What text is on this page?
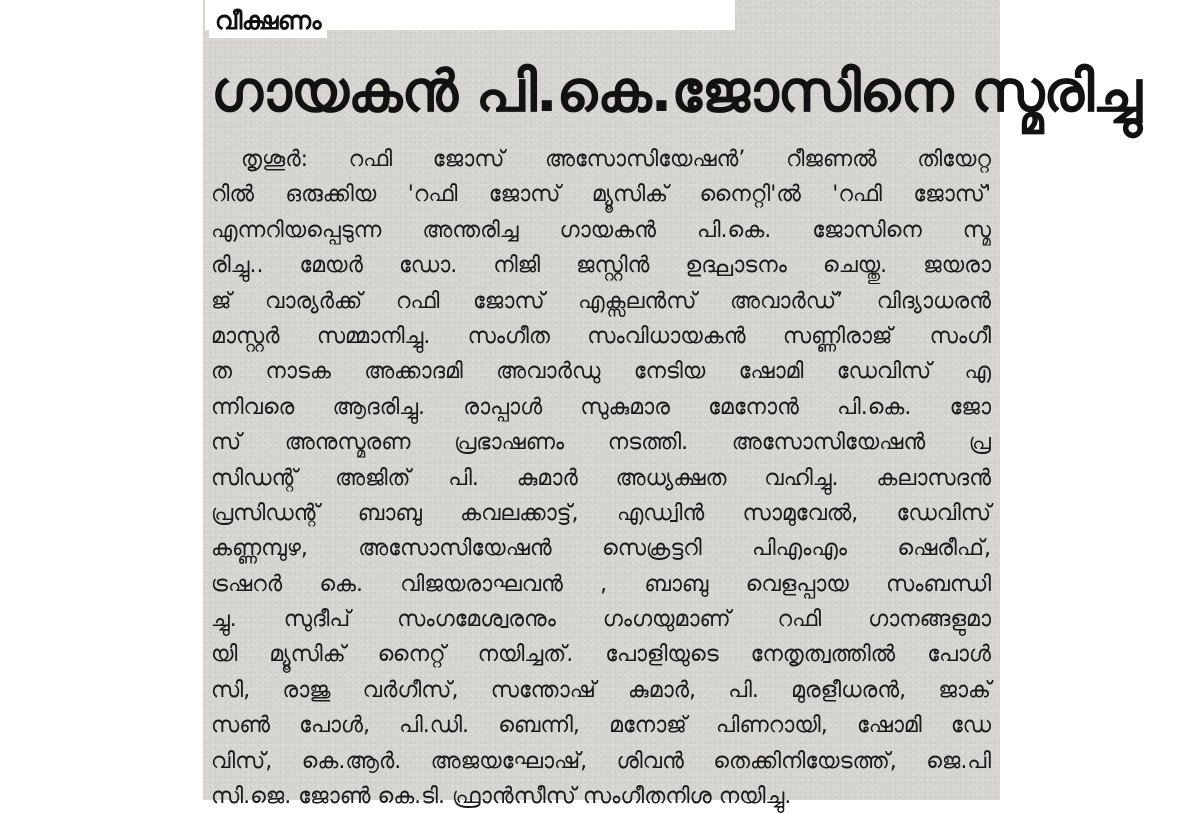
വീക്ഷണം
ഗായകൻ പി.കെ.ജോസിനെ സ്മരിച്ചു
തൃശൂർ: റഫി ജോസ് അസോസിയേഷൻ’ റീജണൽ തിയേറ്റ
റിൽ ഒരുക്കിയ 'റഫി ജോസ് മ്യൂസിക് നൈറ്റി'ൽ 'റഫി ജോസ്'
എന്നറിയപ്പെടുന്ന അന്തരിച്ച ഗായകൻ പി.കെ. ജോസിനെ സ്മ
രിച്ചു.. മേയർ ഡോ. നിജി ജസ്റ്റിൻ ഉദ്ഘാടനം ചെയ്തു. ജയരാ
ജ് വാര്യർക്ക് റഫി ജോസ് എക്സലൻസ് അവാർഡ്’ വിദ്യാധരൻ
മാസ്റ്റർ സമ്മാനിച്ചു. സംഗീത സംവിധായകൻ സണ്ണിരാജ് സംഗീ
ത നാടക അക്കാദമി അവാർഡു നേടിയ ഷോമി ഡേവിസ് എ
ന്നിവരെ ആദരിച്ചു. രാപ്പാൾ സുകുമാര മേനോൻ പി.കെ. ജോ
സ് അനുസ്മരണ പ്രഭാഷണം നടത്തി. അസോസിയേഷൻ പ്ര
സിഡന്റ് അജിത് പി. കുമാർ അധ്യക്ഷത വഹിച്ചു. കലാസദൻ
പ്രസിഡന്റ് ബാബു കവലക്കാട്ട്, എഡ്വിൻ സാമുവേൽ, ഡേവിസ്
കണ്ണമ്പുഴ, അസോസിയേഷൻ സെക്രട്ടറി പിഎംഎം ഷെരീഫ്,
ട്രഷറർ കെ. വിജയരാഘവൻ , ബാബു വെളപ്പായ സംബന്ധി
ച്ചു. സുദീപ് സംഗമേശ്വരനും ഗംഗയുമാണ് റഫി ഗാനങ്ങളുമാ
യി മ്യൂസിക് നൈറ്റ് നയിച്ചത്. പോളിയുടെ നേതൃത്വത്തിൽ പോൾ
സി, രാജു വർഗീസ്, സന്തോഷ് കുമാർ, പി. മുരളീധരൻ, ജാക്
സൺ പോൾ, പി.ഡി. ബെന്നി, മനോജ് പിണറായി, ഷോമി ഡേ
വിസ്, കെ.ആർ. അജയഘോഷ്, ശിവൻ തെക്കിനിയേടത്ത്, ജെ.പി
സി.ജെ. ജോൺ കെ.ടി. ഫ്രാൻസീസ് സംഗീതനിശ നയിച്ചു.
